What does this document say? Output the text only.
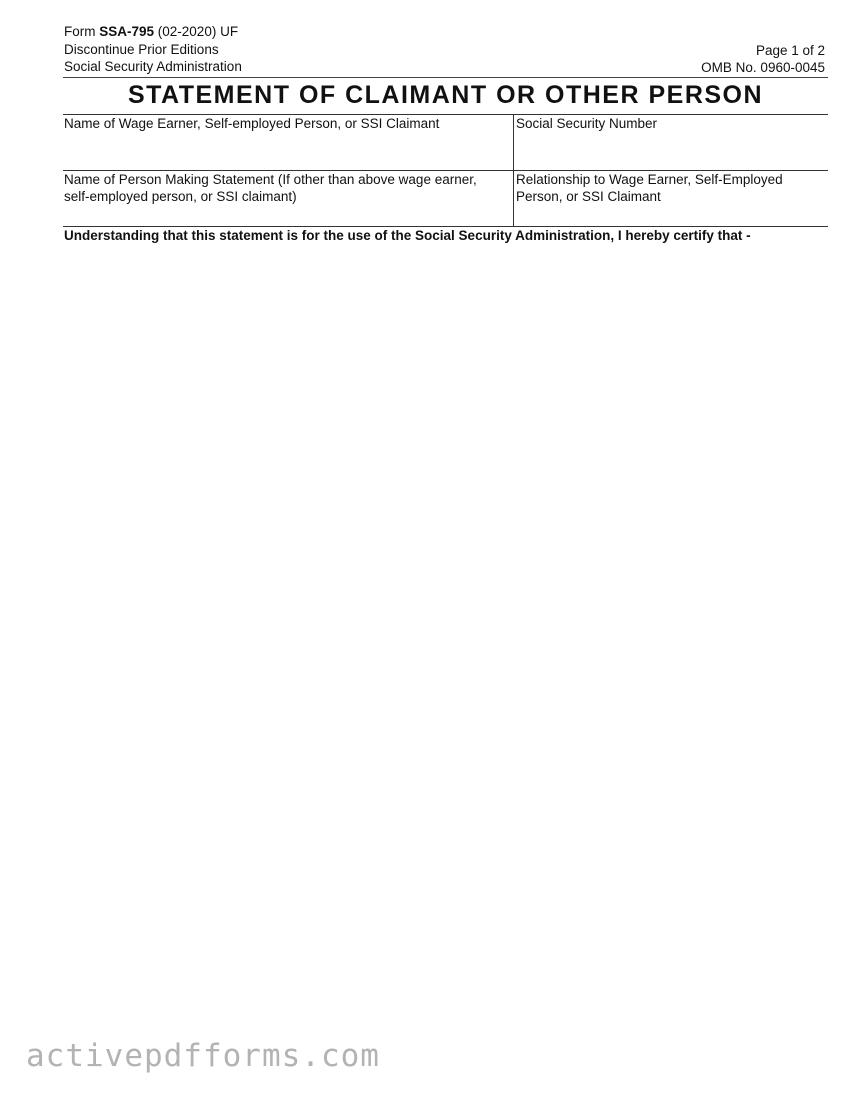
Form SSA-795 (02-2020) UF
Discontinue Prior Editions
Social Security Administration
Page 1 of 2
OMB No. 0960-0045
STATEMENT OF CLAIMANT OR OTHER PERSON
Name of Wage Earner, Self-employed Person, or SSI Claimant	Social Security Number
Name of Person Making Statement (If other than above wage earner, self-employed person, or SSI claimant)
Relationship to Wage Earner, Self-Employed Person, or SSI Claimant
Understanding that this statement is for the use of the Social Security Administration, I hereby certify that -
activepdfforms.com
